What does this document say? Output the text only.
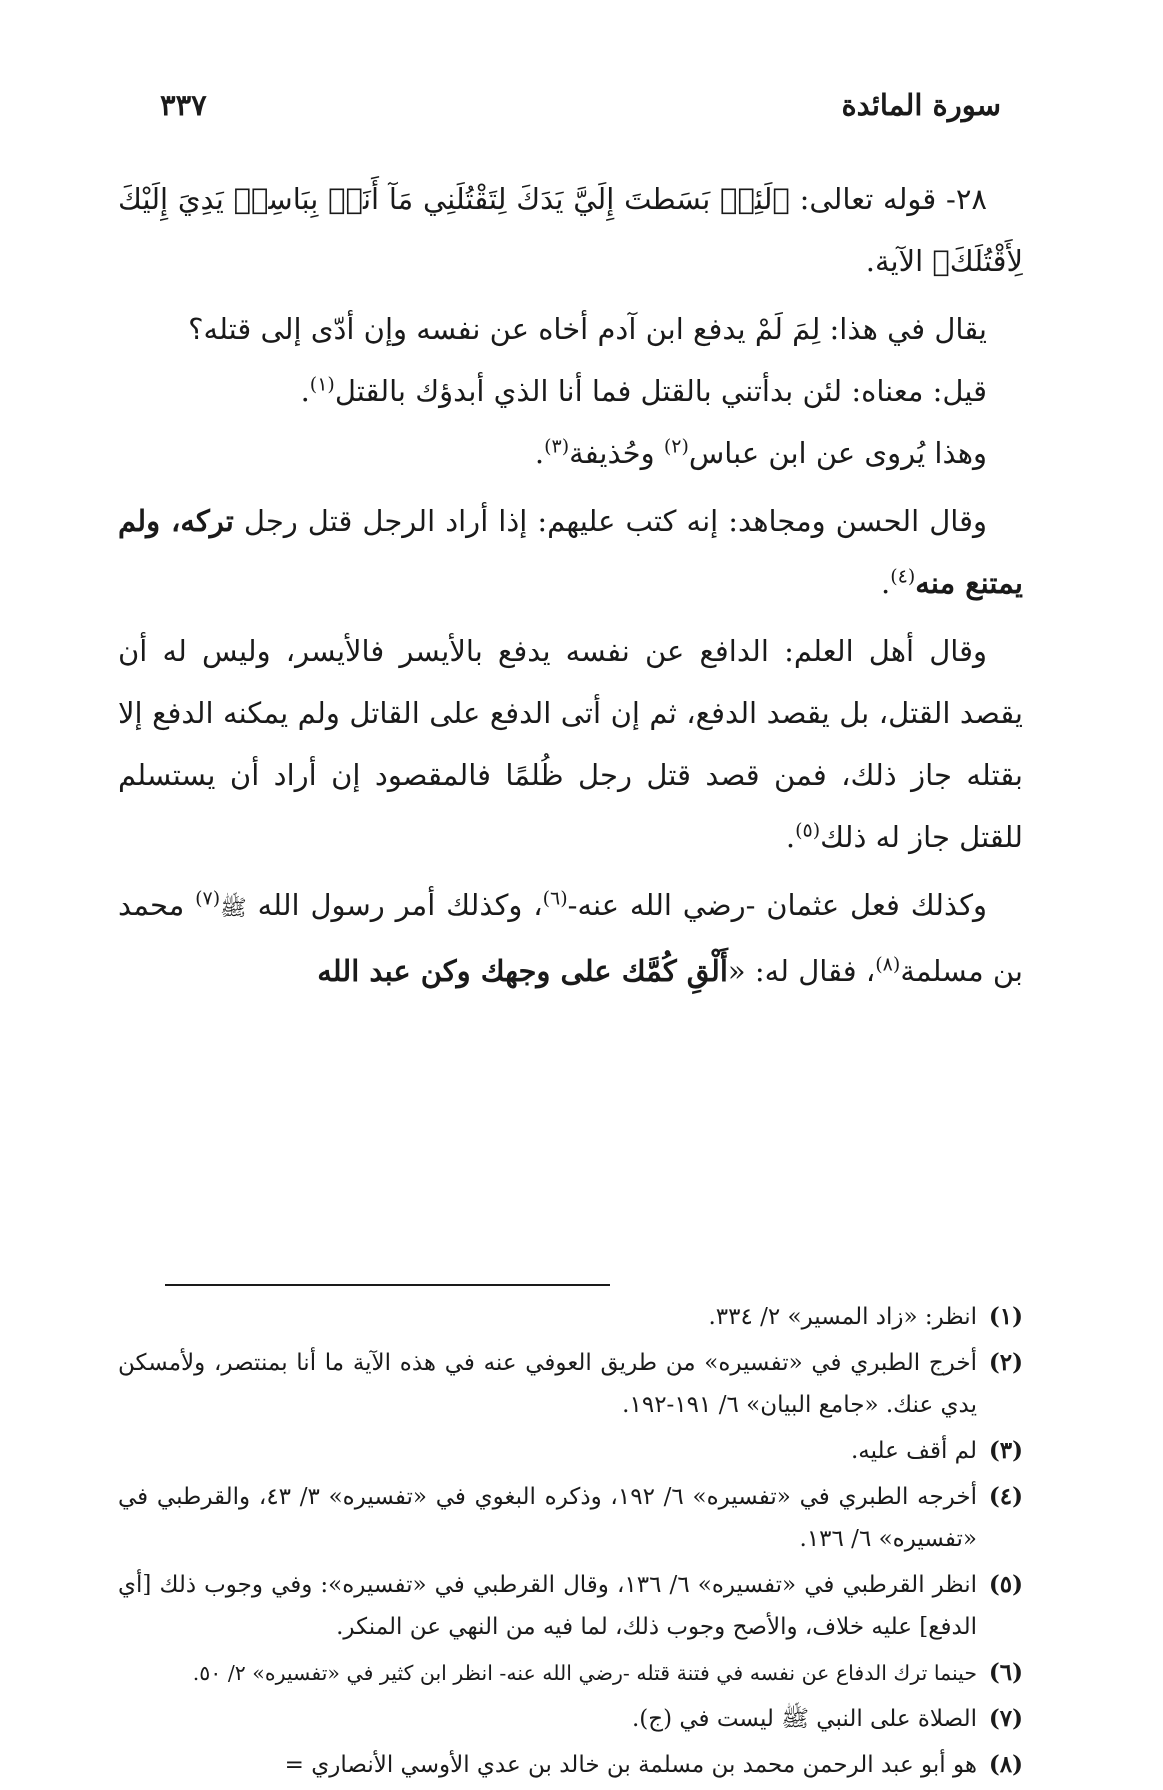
سورة المائدة
٣٣٧

٢٨- قوله تعالى: ﴿لَئِنۢ بَسَطتَ إِلَيَّ يَدَكَ لِتَقْتُلَنِي مَآ أَنَا۠ بِبَاسِطٖ يَدِيَ إِلَيْكَ لِأَقْتُلَكَ﴾ الآية.

يقال في هذا: لِمَ لَمْ يدفع ابن آدم أخاه عن نفسه وإن أدّى إلى قتله؟

قيل: معناه: لئن بدأتني بالقتل فما أنا الذي أبدؤك بالقتل$^{(١)}$.

وهذا يُروى عن ابن عباس$^{(٢)}$ وحُذيفة$^{(٣)}$.

وقال الحسن ومجاهد: إنه كتب عليهم: إذا أراد الرجل قتل رجل تركه، ولم يمتنع منه$^{(٤)}$.

وقال أهل العلم: الدافع عن نفسه يدفع بالأيسر فالأيسر، وليس له أن يقصد القتل، بل يقصد الدفع، ثم إن أتى الدفع على القاتل ولم يمكنه الدفع إلا بقتله جاز ذلك، فمن قصد قتل رجل ظُلمًا فالمقصود إن أراد أن يستسلم للقتل جاز له ذلك$^{(٥)}$.

وكذلك فعل عثمان -رضي الله عنه-$^{(٦)}$، وكذلك أمر رسول الله ﷺ$^{(٧)}$ محمد بن مسلمة$^{(٨)}$، فقال له: «أَلْقِ كُمَّك على وجهك وكن عبد الله

(١)
انظر: «زاد المسير» ٢/ ٣٣٤.
(٢)
أخرج الطبري في «تفسيره» من طريق العوفي عنه في هذه الآية ما أنا بمنتصر، ولأمسكن يدي عنك. «جامع البيان» ٦/ ١٩١-١٩٢.
(٣)
لم أقف عليه.
(٤)
أخرجه الطبري في «تفسيره» ٦/ ١٩٢، وذكره البغوي في «تفسيره» ٣/ ٤٣، والقرطبي في «تفسيره» ٦/ ١٣٦.
(٥)
انظر القرطبي في «تفسيره» ٦/ ١٣٦، وقال القرطبي في «تفسيره»: وفي وجوب ذلك [أي الدفع] عليه خلاف، والأصح وجوب ذلك، لما فيه من النهي عن المنكر.
(٦)
حينما ترك الدفاع عن نفسه في فتنة قتله -رضي الله عنه- انظر ابن كثير في «تفسيره» ٢/ ٥٠.
(٧)
الصلاة على النبي ﷺ ليست في (ج).
(٨)
هو أبو عبد الرحمن محمد بن مسلمة بن خالد بن عدي الأوسي الأنصاري =
